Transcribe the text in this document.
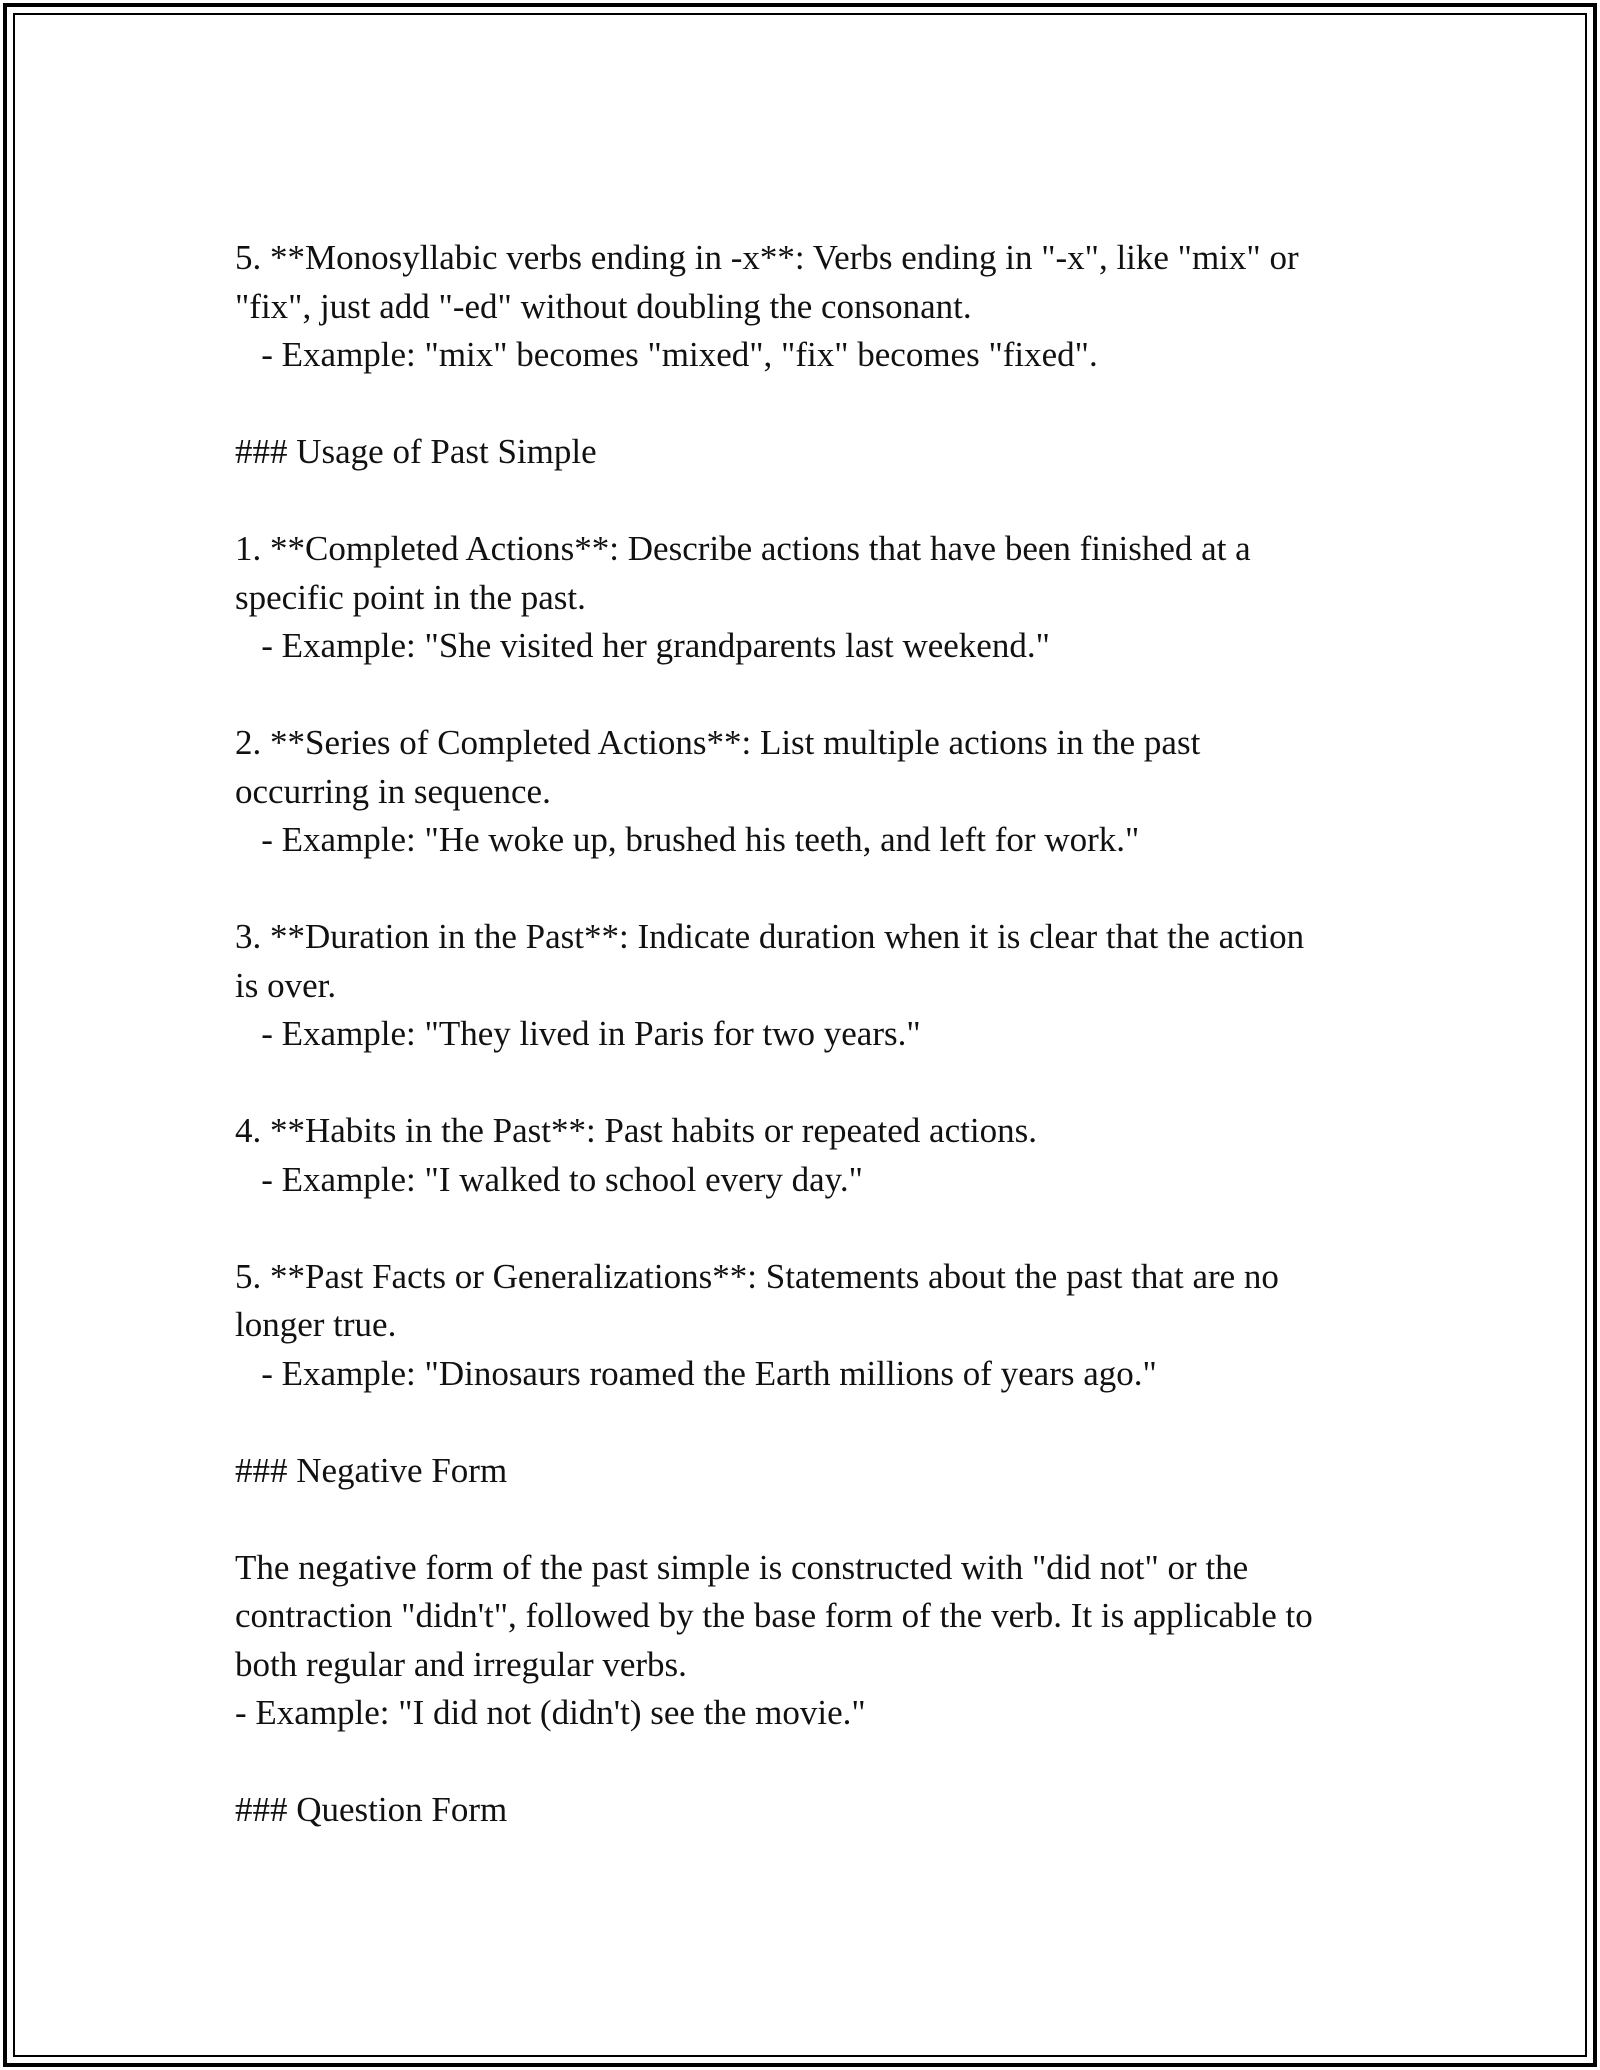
5. **Monosyllabic verbs ending in -x**: Verbs ending in "-x", like "mix" or
"fix", just add "-ed" without doubling the consonant.
- Example: "mix" becomes "mixed", "fix" becomes "fixed".
### Usage of Past Simple
1. **Completed Actions**: Describe actions that have been finished at a
specific point in the past.
- Example: "She visited her grandparents last weekend."
2. **Series of Completed Actions**: List multiple actions in the past
occurring in sequence.
- Example: "He woke up, brushed his teeth, and left for work."
3. **Duration in the Past**: Indicate duration when it is clear that the action
is over.
- Example: "They lived in Paris for two years."
4. **Habits in the Past**: Past habits or repeated actions.
- Example: "I walked to school every day."
5. **Past Facts or Generalizations**: Statements about the past that are no
longer true.
- Example: "Dinosaurs roamed the Earth millions of years ago."
### Negative Form
The negative form of the past simple is constructed with "did not" or the
contraction "didn't", followed by the base form of the verb. It is applicable to
both regular and irregular verbs.
- Example: "I did not (didn't) see the movie."
### Question Form
